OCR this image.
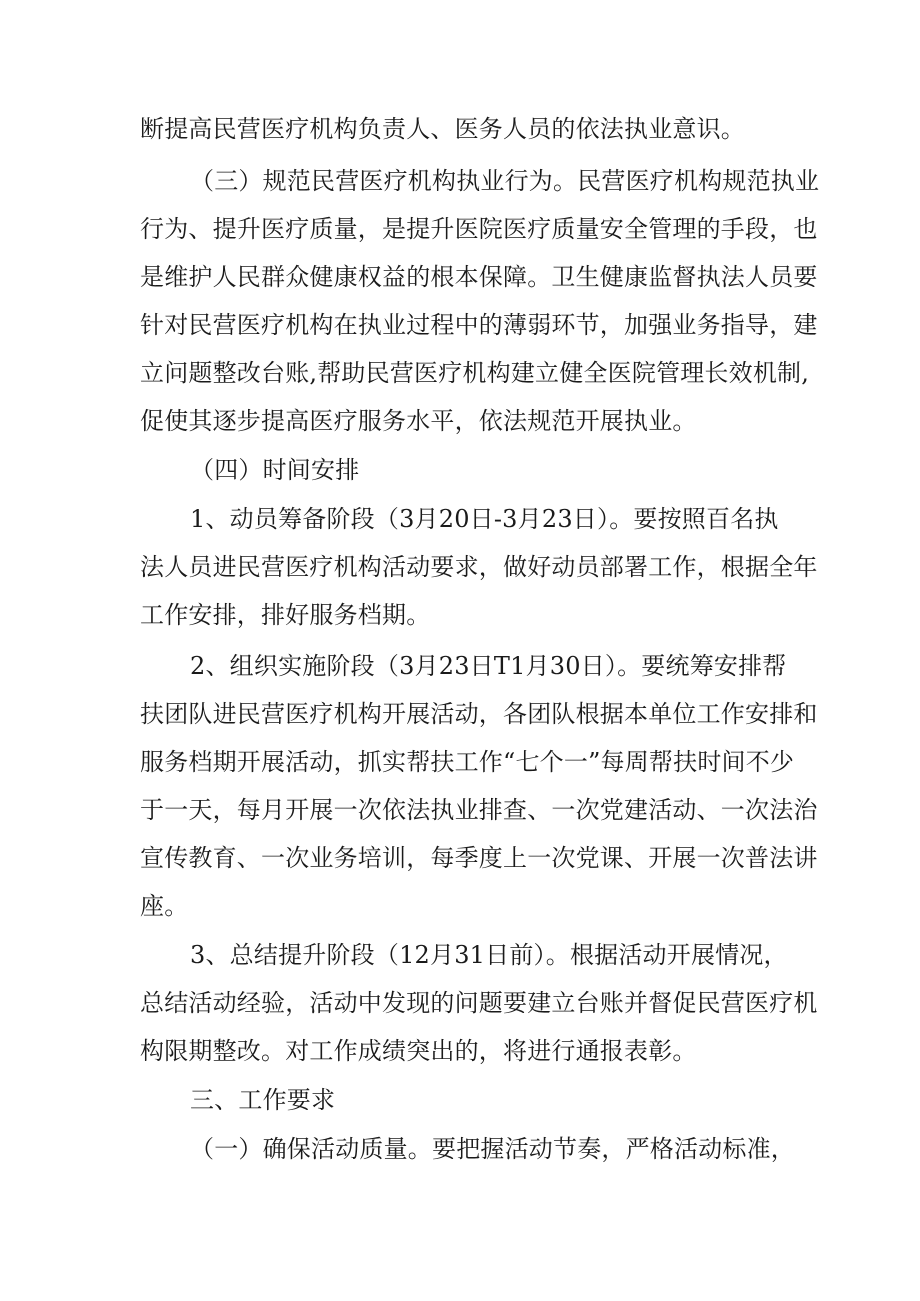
断提高民营医疗机构负责人、医务人员的依法执业意识。
（三）规范民营医疗机构执业行为。民营医疗机构规范执业
行为、提升医疗质量，是提升医院医疗质量安全管理的手段，也
是维护人民群众健康权益的根本保障。卫生健康监督执法人员要
针对民营医疗机构在执业过程中的薄弱环节，加强业务指导，建
立问题整改台账,帮助民营医疗机构建立健全医院管理长效机制,
促使其逐步提高医疗服务水平，依法规范开展执业。
（四）时间安排
1、动员筹备阶段（3月20日-3月23日）。要按照百名执
法人员进民营医疗机构活动要求，做好动员部署工作，根据全年
工作安排，排好服务档期。
2、组织实施阶段（3月23日T1月30日）。要统筹安排帮
扶团队进民营医疗机构开展活动，各团队根据本单位工作安排和
服务档期开展活动，抓实帮扶工作“七个一”每周帮扶时间不少
于一天，每月开展一次依法执业排查、一次党建活动、一次法治
宣传教育、一次业务培训，每季度上一次党课、开展一次普法讲
座。
3、总结提升阶段（12月31日前）。根据活动开展情况，
总结活动经验，活动中发现的问题要建立台账并督促民营医疗机
构限期整改。对工作成绩突出的，将进行通报表彰。
三、工作要求
（一）确保活动质量。要把握活动节奏，严格活动标准，
